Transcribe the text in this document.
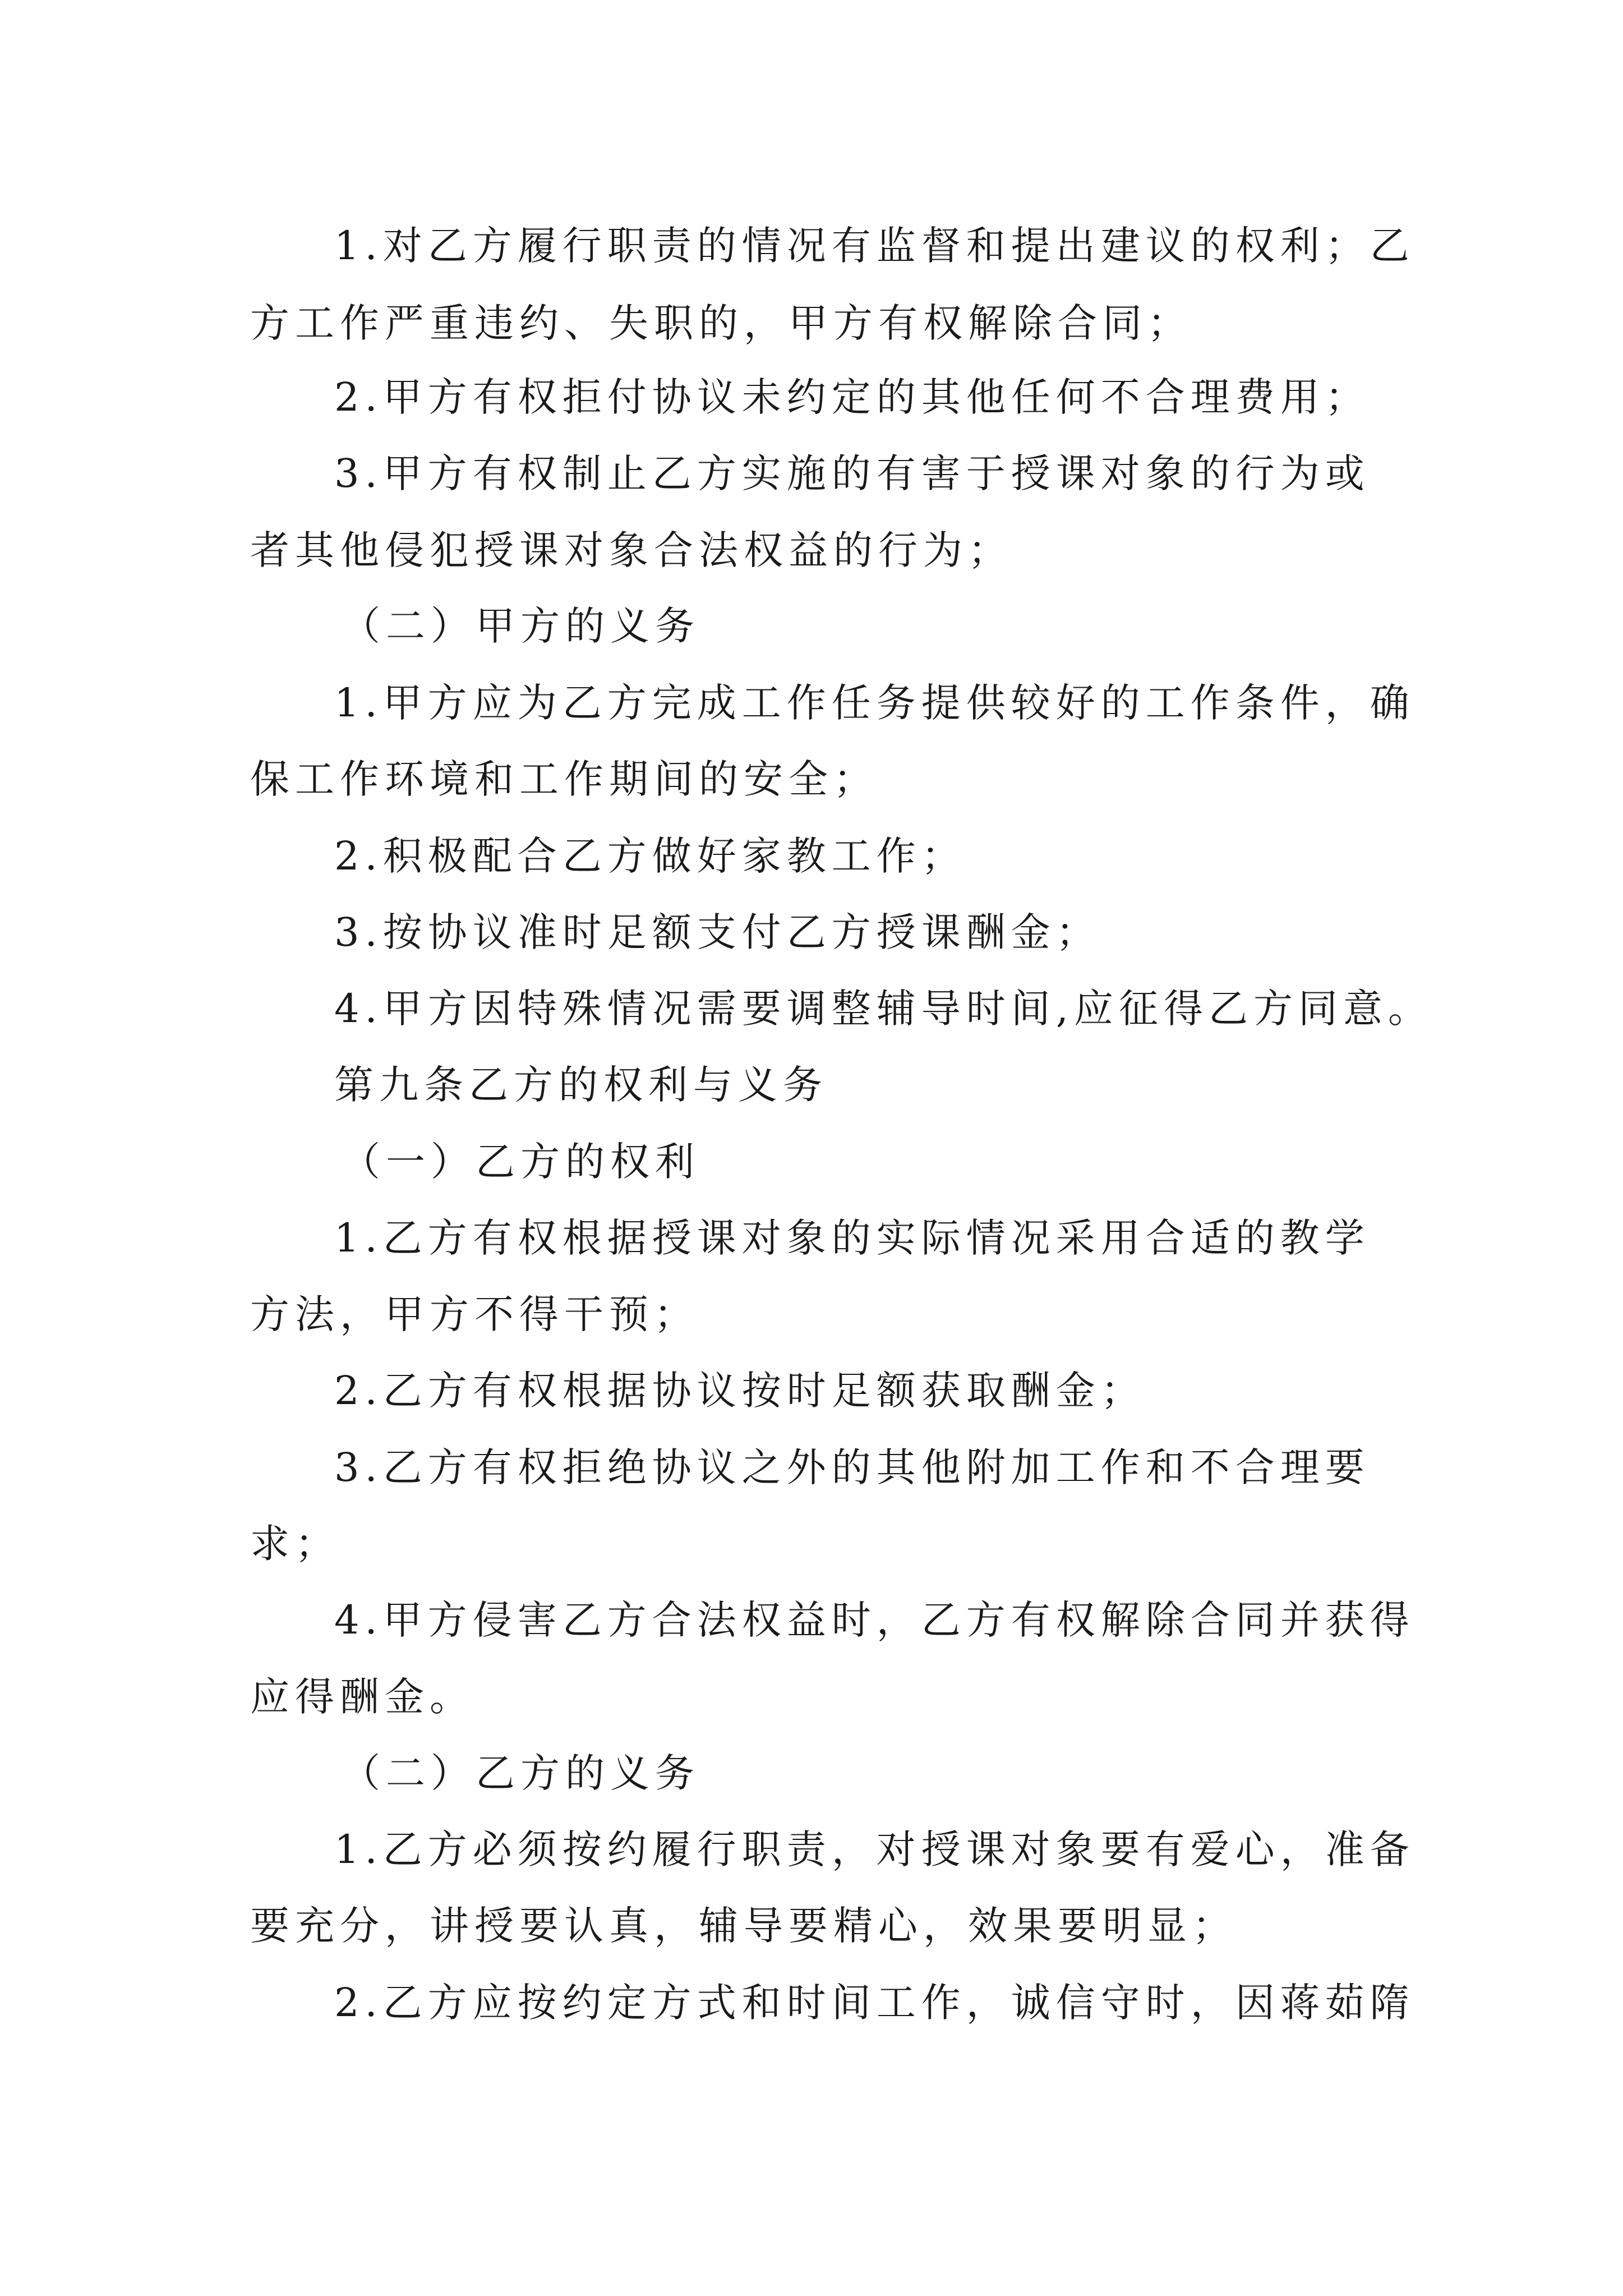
1.对乙方履行职责的情况有监督和提出建议的权利；乙

方工作严重违约、失职的，甲方有权解除合同；

2.甲方有权拒付协议未约定的其他任何不合理费用；

3.甲方有权制止乙方实施的有害于授课对象的行为或

者其他侵犯授课对象合法权益的行为；

（二）甲方的义务

1.甲方应为乙方完成工作任务提供较好的工作条件，确

保工作环境和工作期间的安全；

2.积极配合乙方做好家教工作；

3.按协议准时足额支付乙方授课酬金；

4.甲方因特殊情况需要调整辅导时间,应征得乙方同意。

第九条乙方的权利与义务

（一）乙方的权利

1.乙方有权根据授课对象的实际情况采用合适的教学

方法，甲方不得干预；

2.乙方有权根据协议按时足额获取酬金；

3.乙方有权拒绝协议之外的其他附加工作和不合理要

求；

4.甲方侵害乙方合法权益时，乙方有权解除合同并获得

应得酬金。

（二）乙方的义务

1.乙方必须按约履行职责，对授课对象要有爱心，准备

要充分，讲授要认真，辅导要精心，效果要明显；

2.乙方应按约定方式和时间工作，诚信守时，因蒋茹隋
